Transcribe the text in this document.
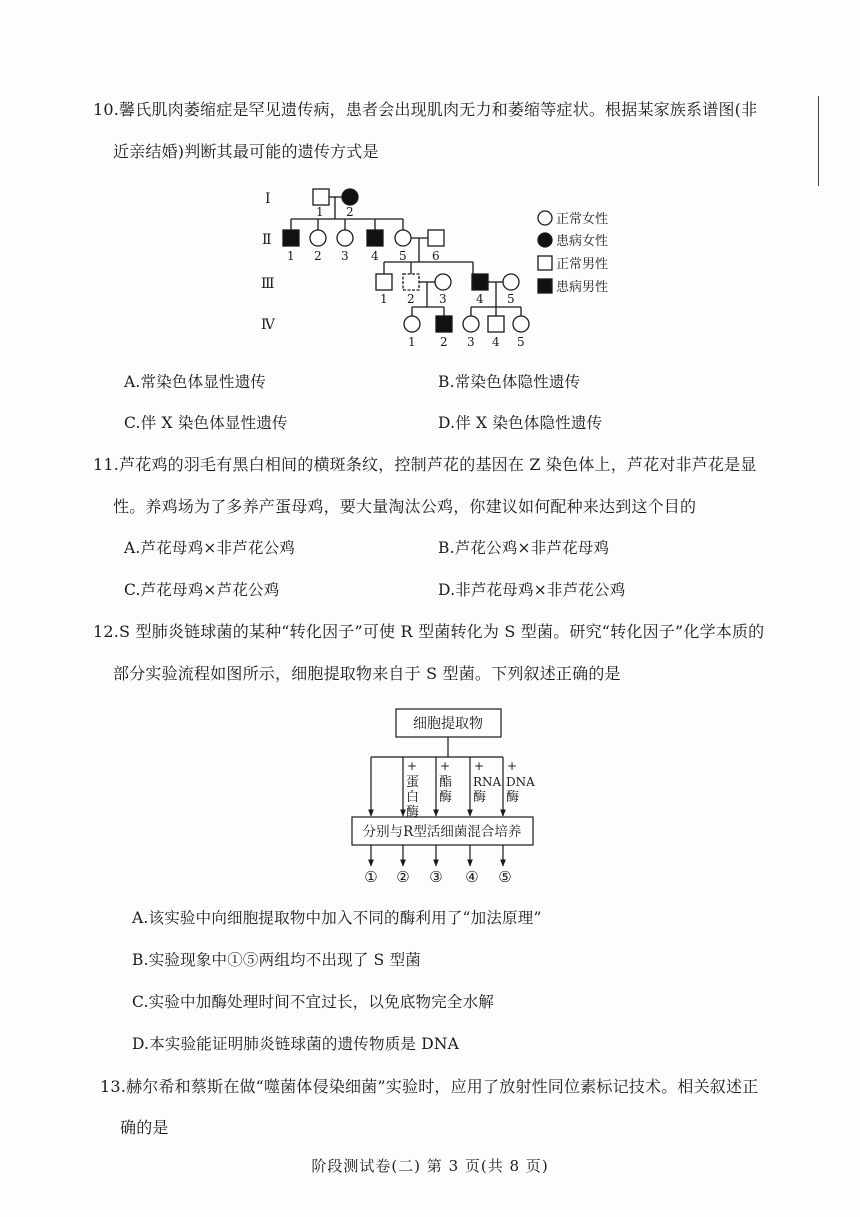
10.馨氏肌肉萎缩症是罕见遗传病，患者会出现肌肉无力和萎缩等症状。根据某家族系谱图(非
近亲结婚)判断其最可能的遗传方式是
Ⅰ
Ⅱ
Ⅲ
Ⅳ
1 2
1 2 3 4 5 6
1 2 3 4 5
1 2 3 4 5
正常女性
患病女性
正常男性
患病男性
A.常染色体显性遗传	B.常染色体隐性遗传
C.伴 X 染色体显性遗传	D.伴 X 染色体隐性遗传
11.芦花鸡的羽毛有黑白相间的横斑条纹，控制芦花的基因在 Z 染色体上，芦花对非芦花是显
性。养鸡场为了多养产蛋母鸡，要大量淘汰公鸡，你建议如何配种来达到这个目的
A.芦花母鸡×非芦花公鸡	B.芦花公鸡×非芦花母鸡
C.芦花母鸡×芦花公鸡	D.非芦花母鸡×非芦花公鸡
12.S 型肺炎链球菌的某种“转化因子”可使 R 型菌转化为 S 型菌。研究“转化因子”化学本质的
部分实验流程如图所示，细胞提取物来自于 S 型菌。下列叙述正确的是
细胞提取物
分别与R型活细菌混合培养
+ + + +
蛋
白
酶
酯
酶
RNA
酶
DNA
酶
① ② ③ ④ ⑤
A.该实验中向细胞提取物中加入不同的酶利用了“加法原理”
B.实验现象中①⑤两组均不出现了 S 型菌
C.实验中加酶处理时间不宜过长，以免底物完全水解
D.本实验能证明肺炎链球菌的遗传物质是 DNA
13.赫尔希和蔡斯在做“噬菌体侵染细菌”实验时，应用了放射性同位素标记技术。相关叙述正
确的是
阶段测试卷(二) 第 3 页(共 8 页)
